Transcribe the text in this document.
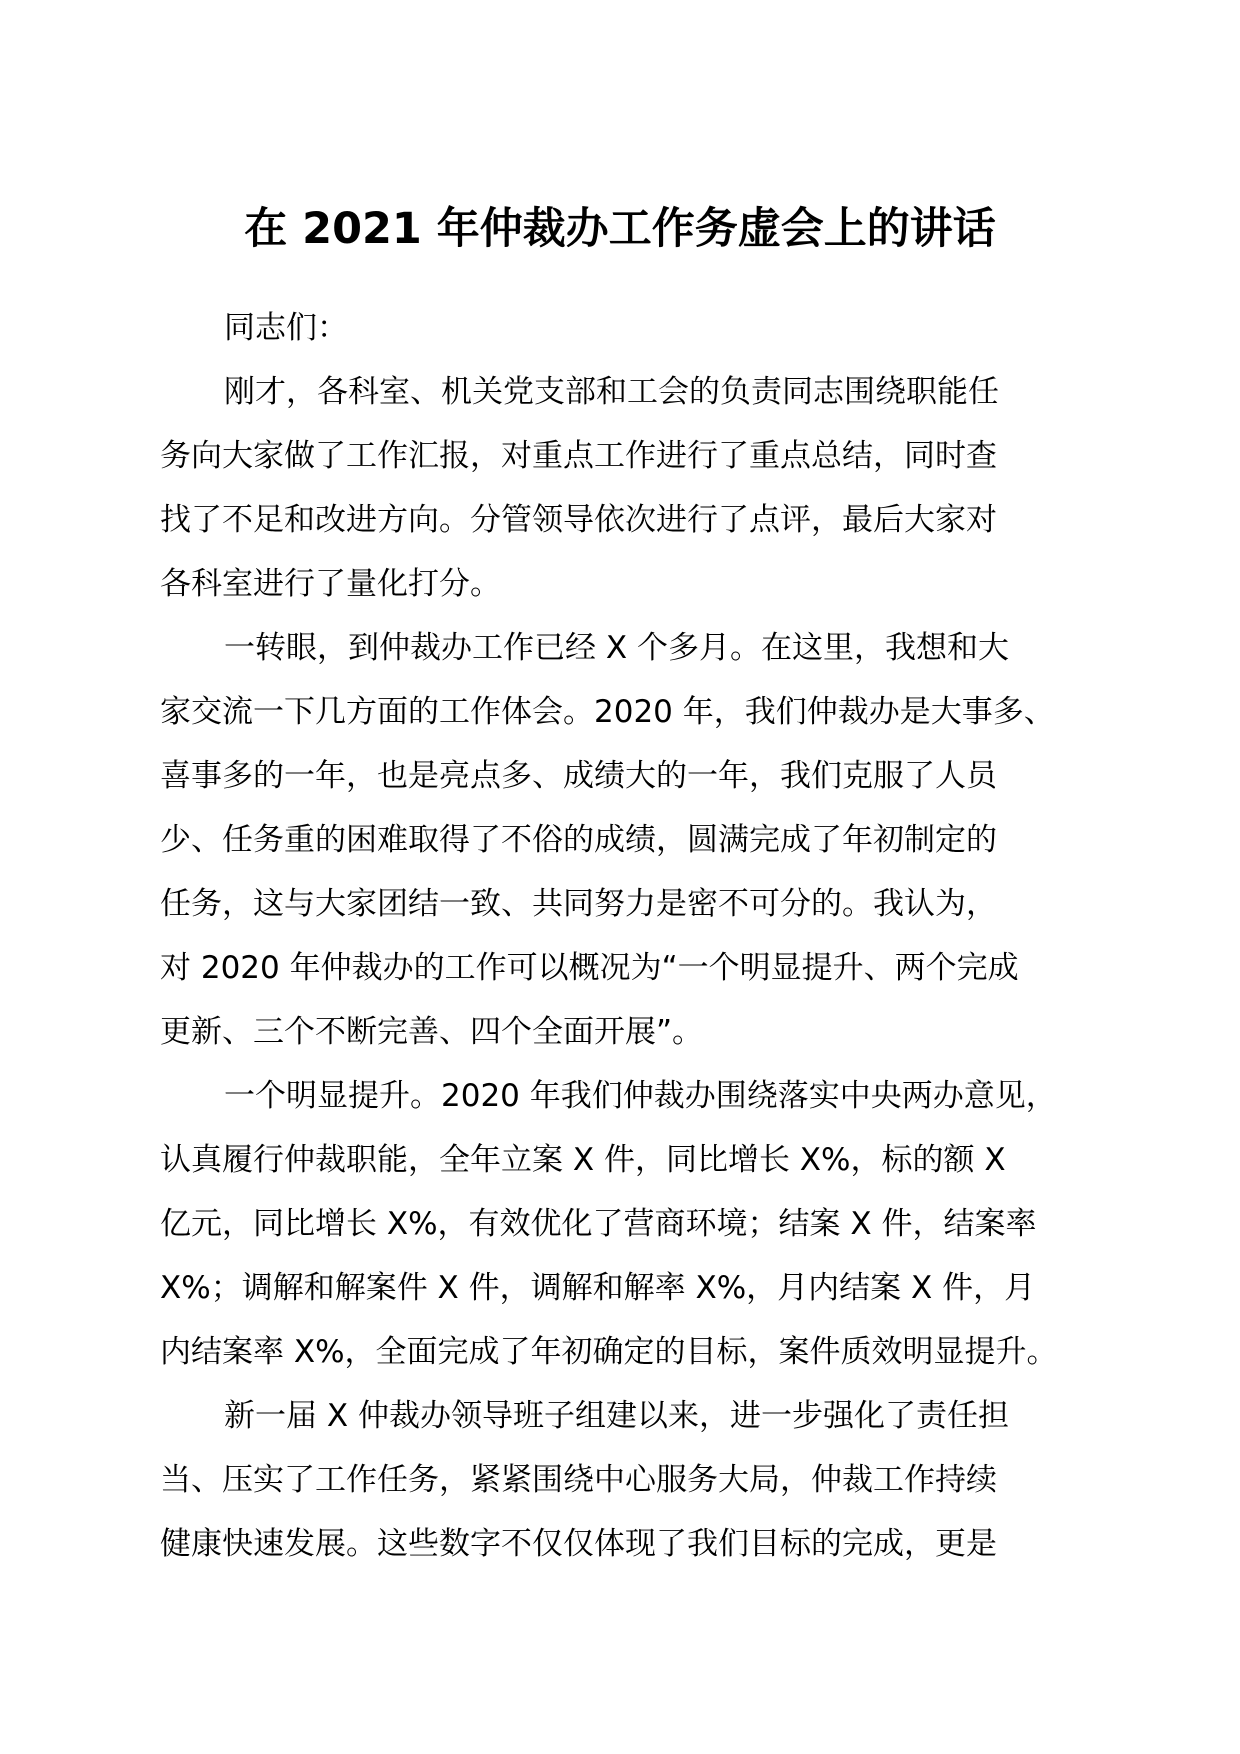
在 2021 年仲裁办工作务虚会上的讲话

同志们：

刚才，各科室、机关党支部和工会的负责同志围绕职能任

务向大家做了工作汇报，对重点工作进行了重点总结，同时查

找了不足和改进方向。分管领导依次进行了点评，最后大家对

各科室进行了量化打分。

一转眼，到仲裁办工作已经 X 个多月。在这里，我想和大

家交流一下几方面的工作体会。2020 年，我们仲裁办是大事多、

喜事多的一年，也是亮点多、成绩大的一年，我们克服了人员

少、任务重的困难取得了不俗的成绩，圆满完成了年初制定的

任务，这与大家团结一致、共同努力是密不可分的。我认为，

对 2020 年仲裁办的工作可以概况为“一个明显提升、两个完成

更新、三个不断完善、四个全面开展”。

一个明显提升。2020 年我们仲裁办围绕落实中央两办意见，

认真履行仲裁职能，全年立案 X 件，同比增长 X%，标的额 X

亿元，同比增长 X%，有效优化了营商环境；结案 X 件，结案率

X%；调解和解案件 X 件，调解和解率 X%，月内结案 X 件，月

内结案率 X%，全面完成了年初确定的目标，案件质效明显提升。

新一届 X 仲裁办领导班子组建以来，进一步强化了责任担

当、压实了工作任务，紧紧围绕中心服务大局，仲裁工作持续

健康快速发展。这些数字不仅仅体现了我们目标的完成，更是
